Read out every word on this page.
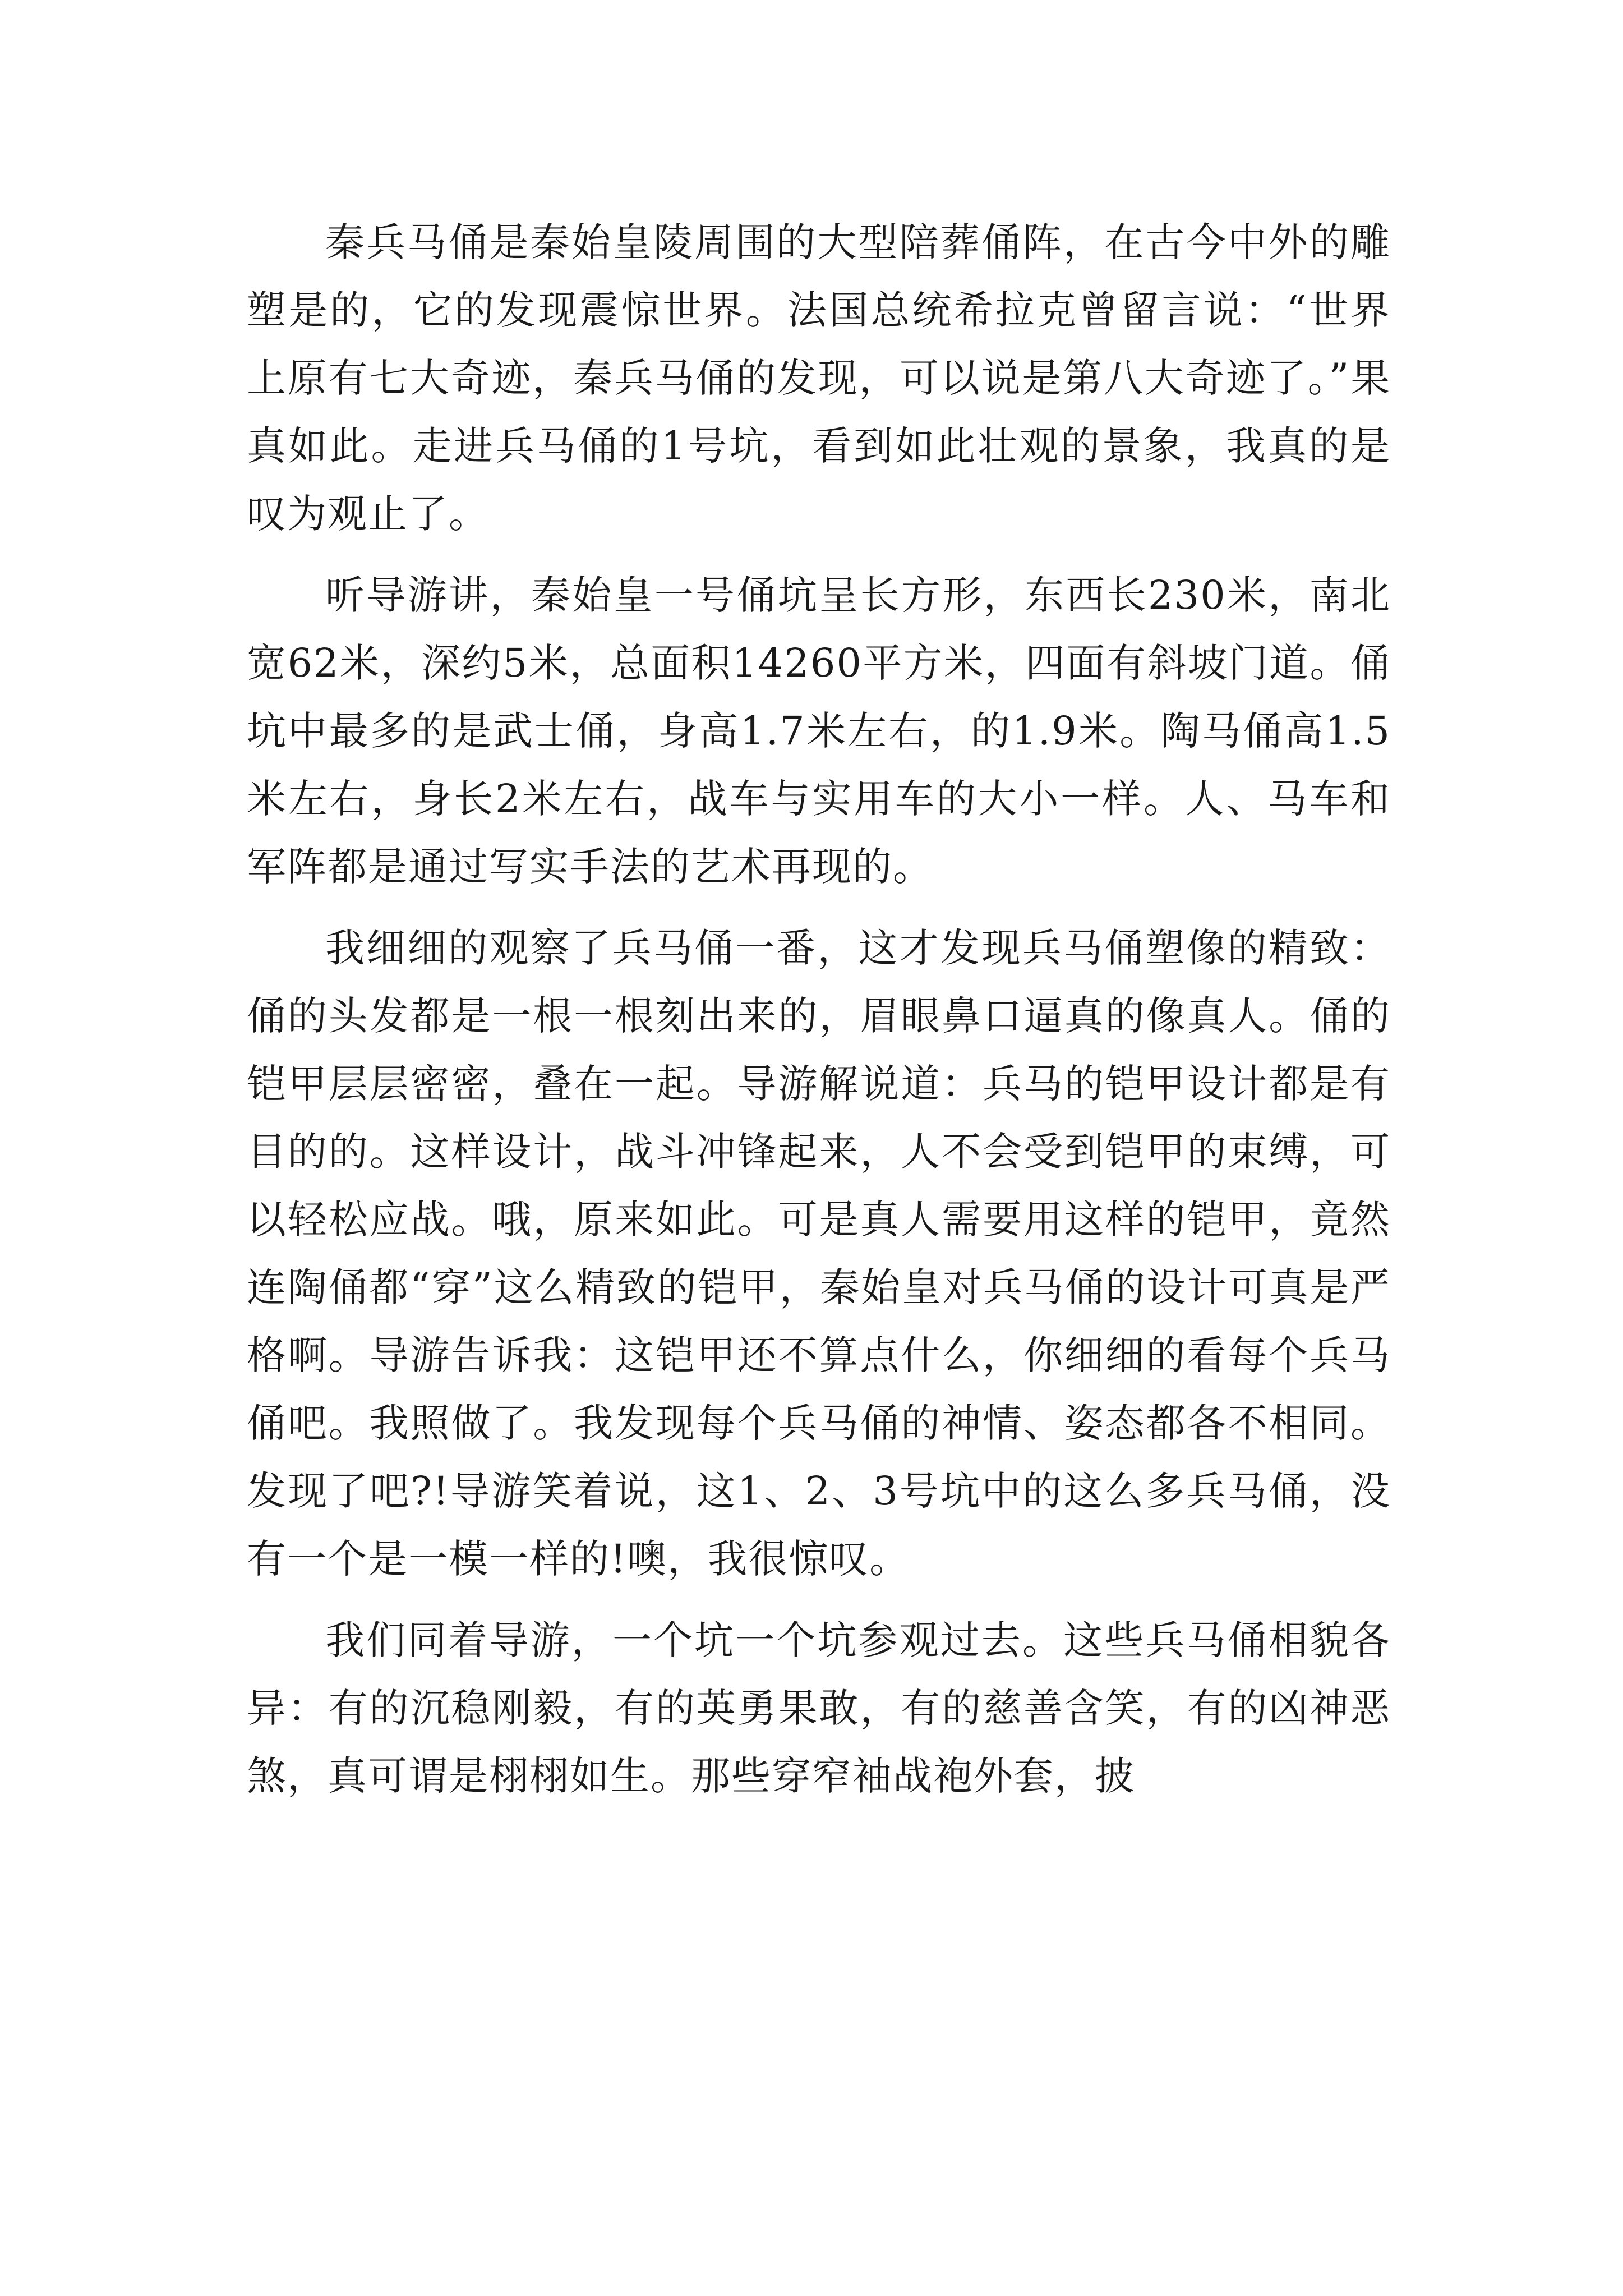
秦兵马俑是秦始皇陵周围的大型陪葬俑阵，在古今中外的雕塑是的，它的发现震惊世界。法国总统希拉克曾留言说：“世界上原有七大奇迹，秦兵马俑的发现，可以说是第八大奇迹了。”果真如此。走进兵马俑的1号坑，看到如此壮观的景象，我真的是叹为观止了。

听导游讲，秦始皇一号俑坑呈长方形，东西长230米，南北宽62米，深约5米，总面积14260平方米，四面有斜坡门道。俑坑中最多的是武士俑，身高1.7米左右，的1.9米。陶马俑高1.5米左右，身长2米左右，战车与实用车的大小一样。人、马车和军阵都是通过写实手法的艺术再现的。

我细细的观察了兵马俑一番，这才发现兵马俑塑像的精致：俑的头发都是一根一根刻出来的，眉眼鼻口逼真的像真人。俑的铠甲层层密密，叠在一起。导游解说道：兵马的铠甲设计都是有目的的。这样设计，战斗冲锋起来，人不会受到铠甲的束缚，可以轻松应战。哦，原来如此。可是真人需要用这样的铠甲，竟然连陶俑都“穿”这么精致的铠甲，秦始皇对兵马俑的设计可真是严格啊。导游告诉我：这铠甲还不算点什么，你细细的看每个兵马俑吧。我照做了。我发现每个兵马俑的神情、姿态都各不相同。发现了吧?!导游笑着说，这1、2、3号坑中的这么多兵马俑，没有一个是一模一样的!噢，我很惊叹。

我们同着导游，一个坑一个坑参观过去。这些兵马俑相貌各异：有的沉稳刚毅，有的英勇果敢，有的慈善含笑，有的凶神恶煞，真可谓是栩栩如生。那些穿窄袖战袍外套，披
